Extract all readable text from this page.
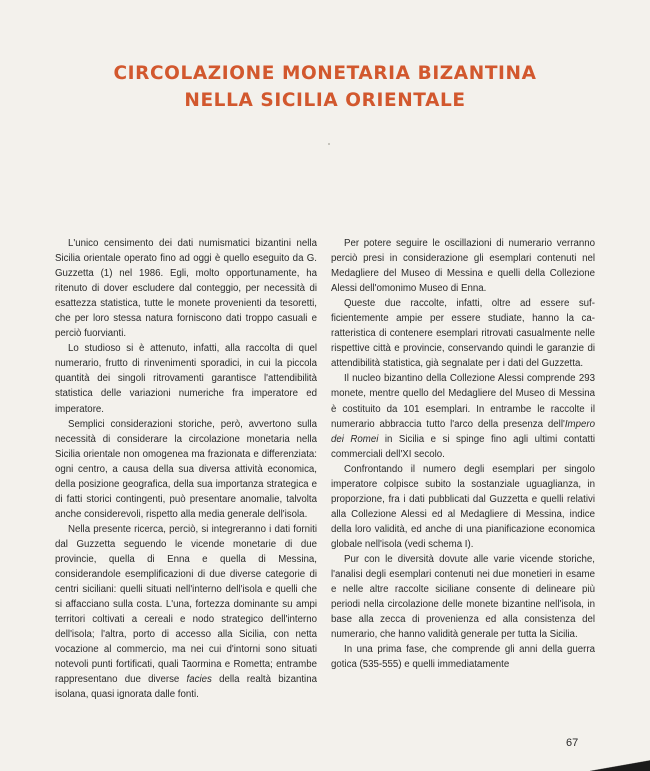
CIRCOLAZIONE MONETARIA BIZANTINA
NELLA SICILIA ORIENTALE

L'unico censimento dei dati numismatici bizantini nella Sicilia orientale operato fino ad oggi è quello eseguito da G. Guzzetta (1) nel 1986. Egli, molto opportunamente, ha ritenuto di dover escludere dal conteggio, per necessità di esattezza statistica, tutte le monete provenienti da tesoretti, che per loro stessa natura forniscono dati troppo casuali e perciò fuorvianti.

Lo studioso si è attenuto, infatti, alla raccolta di quel numerario, frutto di rinvenimenti sporadici, in cui la piccola quantità dei singoli ritrovamenti garantisce l'attendibilità statistica delle variazioni numeriche fra imperatore ed imperatore.

Semplici considerazioni storiche, però, avvertono sulla necessità di considerare la circolazione monetaria nella Sicilia orientale non omogenea ma frazionata e differenziata: ogni centro, a causa della sua diversa attività economica, della posizione geografica, della sua importanza strategica e di fatti storici contingenti, può presentare anomalie, talvolta anche considerevoli, rispetto alla media generale dell'isola.

Nella presente ricerca, perciò, si integreranno i dati forniti dal Guzzetta seguendo le vicende monetarie di due provincie, quella di Enna e quella di Messina, considerandole esemplificazioni di due diverse categorie di centri siciliani: quelli situati nell'interno dell'isola e quelli che si affacciano sulla costa. L'una, fortezza dominante su ampi territori coltivati a cereali e nodo strategico dell'interno dell'isola; l'altra, porto di accesso alla Sicilia, con netta vocazione al commercio, ma nei cui d'intorni sono situati notevoli punti fortificati, quali Taormina e Rometta; entrambe rappresentano due diverse facies della realtà bizantina isolana, quasi ignorata dalle fonti.

Per potere seguire le oscillazioni di numerario verranno perciò presi in considerazione gli esemplari contenuti nel Medagliere del Museo di Messina e quelli della Collezione Alessi dell'omonimo Museo di Enna.

Queste due raccolte, infatti, oltre ad essere sufficientemente ampie per essere studiate, hanno la caratteristica di contenere esemplari ritrovati casualmente nelle rispettive città e provincie, conservando quindi le garanzie di attendibilità statistica, già segnalate per i dati del Guzzetta.

Il nucleo bizantino della Collezione Alessi comprende 293 monete, mentre quello del Medagliere del Museo di Messina è costituito da 101 esemplari. In entrambe le raccolte il numerario abbraccia tutto l'arco della presenza dell'Impero dei Romei in Sicilia e si spinge fino agli ultimi contatti commerciali dell'XI secolo.

Confrontando il numero degli esemplari per singolo imperatore colpisce subito la sostanziale uguaglianza, in proporzione, fra i dati pubblicati dal Guzzetta e quelli relativi alla Collezione Alessi ed al Medagliere di Messina, indice della loro validità, ed anche di una pianificazione economica globale nell'isola (vedi schema I).

Pur con le diversità dovute alle varie vicende storiche, l'analisi degli esemplari contenuti nei due monetieri in esame e nelle altre raccolte siciliane consente di delineare più periodi nella circolazione delle monete bizantine nell'isola, in base alla zecca di provenienza ed alla consistenza del numerario, che hanno validità generale per tutta la Sicilia.

In una prima fase, che comprende gli anni della guerra gotica (535-555) e quelli immediatamente

67
